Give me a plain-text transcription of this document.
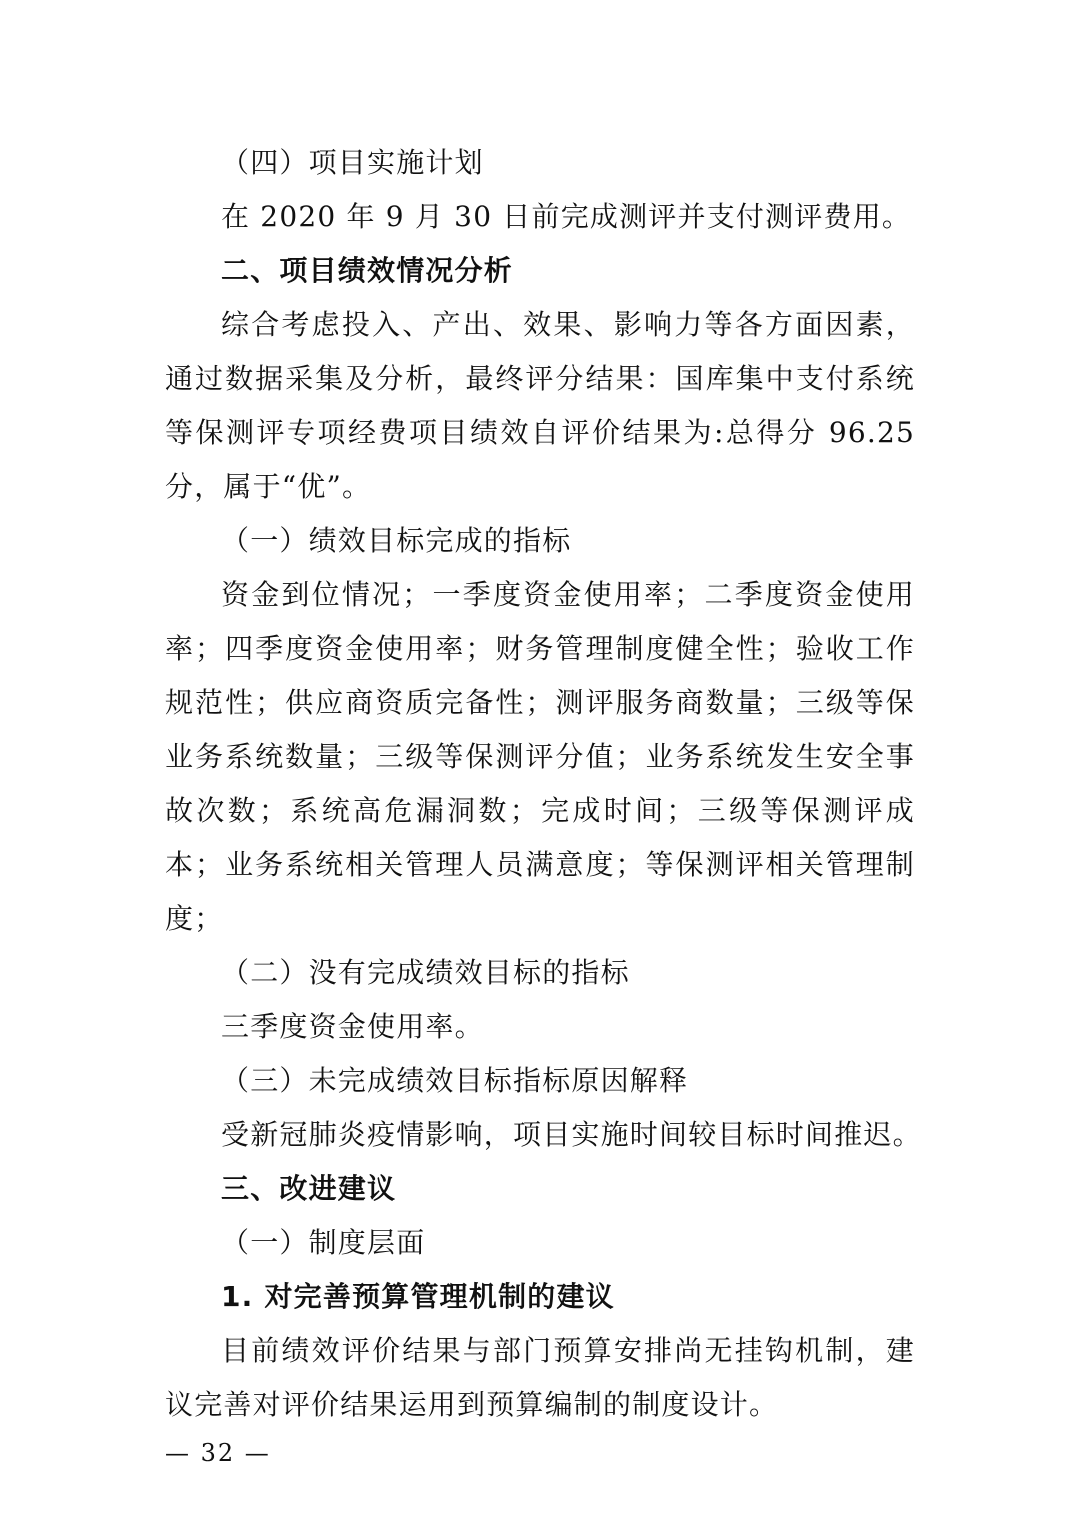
（四）项目实施计划
在 2020 年 9 月 30 日前完成测评并支付测评费用。
二、项目绩效情况分析
综合考虑投入、产出、效果、影响力等各方面因素，通过数据采集及分析，最终评分结果：国库集中支付系统等保测评专项经费项目绩效自评价结果为:总得分 96.25 分，属于“优”。
（一）绩效目标完成的指标
资金到位情况；一季度资金使用率；二季度资金使用率；四季度资金使用率；财务管理制度健全性；验收工作规范性；供应商资质完备性；测评服务商数量；三级等保业务系统数量；三级等保测评分值；业务系统发生安全事故次数；系统高危漏洞数；完成时间；三级等保测评成本；业务系统相关管理人员满意度；等保测评相关管理制度；
（二）没有完成绩效目标的指标
三季度资金使用率。
（三）未完成绩效目标指标原因解释
受新冠肺炎疫情影响，项目实施时间较目标时间推迟。
三、改进建议
（一）制度层面
1. 对完善预算管理机制的建议
目前绩效评价结果与部门预算安排尚无挂钩机制，建议完善对评价结果运用到预算编制的制度设计。
— 32 —
